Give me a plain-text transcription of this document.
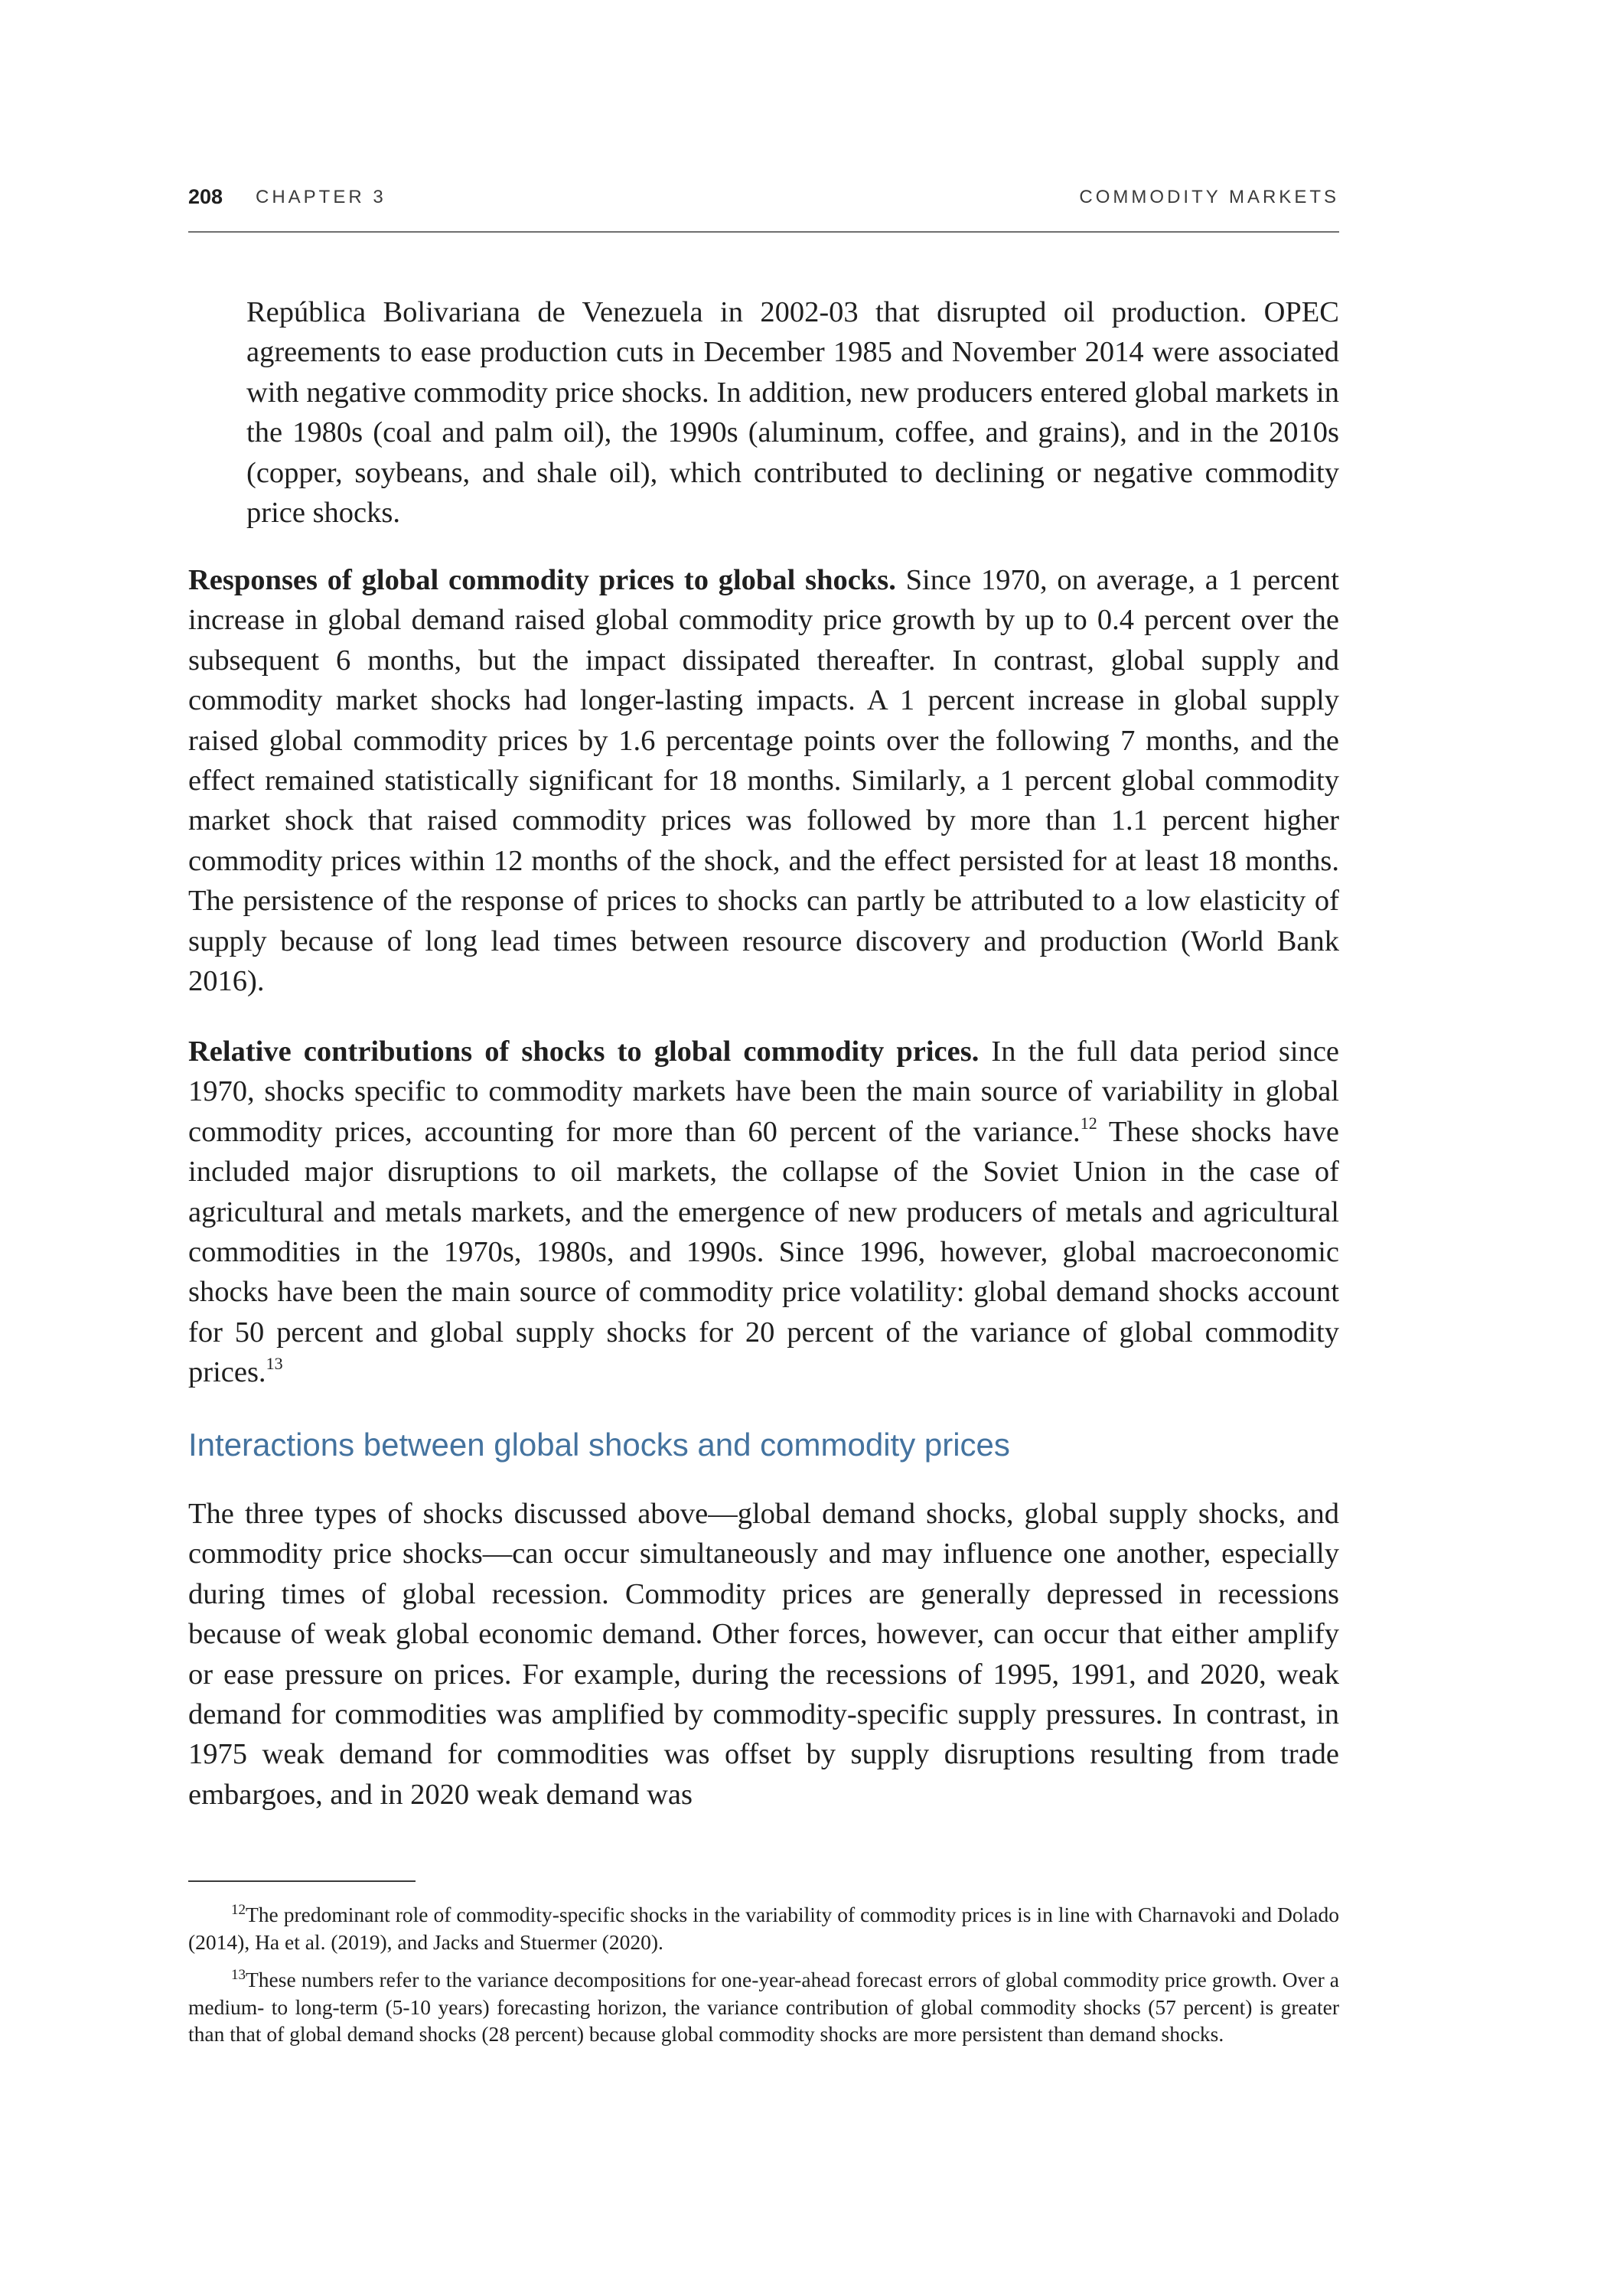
208 CHAPTER 3	COMMODITY MARKETS

República Bolivariana de Venezuela in 2002-03 that disrupted oil production. OPEC agreements to ease production cuts in December 1985 and November 2014 were associated with negative commodity price shocks. In addition, new producers entered global markets in the 1980s (coal and palm oil), the 1990s (aluminum, coffee, and grains), and in the 2010s (copper, soybeans, and shale oil), which contributed to declining or negative commodity price shocks.

Responses of global commodity prices to global shocks. Since 1970, on average, a 1 percent increase in global demand raised global commodity price growth by up to 0.4 percent over the subsequent 6 months, but the impact dissipated thereafter. In contrast, global supply and commodity market shocks had longer-lasting impacts. A 1 percent increase in global supply raised global commodity prices by 1.6 percentage points over the following 7 months, and the effect remained statistically significant for 18 months. Similarly, a 1 percent global commodity market shock that raised commodity prices was followed by more than 1.1 percent higher commodity prices within 12 months of the shock, and the effect persisted for at least 18 months. The persistence of the response of prices to shocks can partly be attributed to a low elasticity of supply because of long lead times between resource discovery and production (World Bank 2016).

Relative contributions of shocks to global commodity prices. In the full data period since 1970, shocks specific to commodity markets have been the main source of variability in global commodity prices, accounting for more than 60 percent of the variance.$^{12}$ These shocks have included major disruptions to oil markets, the collapse of the Soviet Union in the case of agricultural and metals markets, and the emergence of new producers of metals and agricultural commodities in the 1970s, 1980s, and 1990s. Since 1996, however, global macroeconomic shocks have been the main source of commodity price volatility: global demand shocks account for 50 percent and global supply shocks for 20 percent of the variance of global commodity prices.$^{13}$

Interactions between global shocks and commodity prices

The three types of shocks discussed above—global demand shocks, global supply shocks, and commodity price shocks—can occur simultaneously and may influence one another, especially during times of global recession. Commodity prices are generally depressed in recessions because of weak global economic demand. Other forces, however, can occur that either amplify or ease pressure on prices. For example, during the recessions of 1995, 1991, and 2020, weak demand for commodities was amplified by commodity-specific supply pressures. In contrast, in 1975 weak demand for commodities was offset by supply disruptions resulting from trade embargoes, and in 2020 weak demand was

$^{12}$The predominant role of commodity-specific shocks in the variability of commodity prices is in line with Charnavoki and Dolado (2014), Ha et al. (2019), and Jacks and Stuermer (2020).

$^{13}$These numbers refer to the variance decompositions for one-year-ahead forecast errors of global commodity price growth. Over a medium- to long-term (5-10 years) forecasting horizon, the variance contribution of global commodity shocks (57 percent) is greater than that of global demand shocks (28 percent) because global commodity shocks are more persistent than demand shocks.
